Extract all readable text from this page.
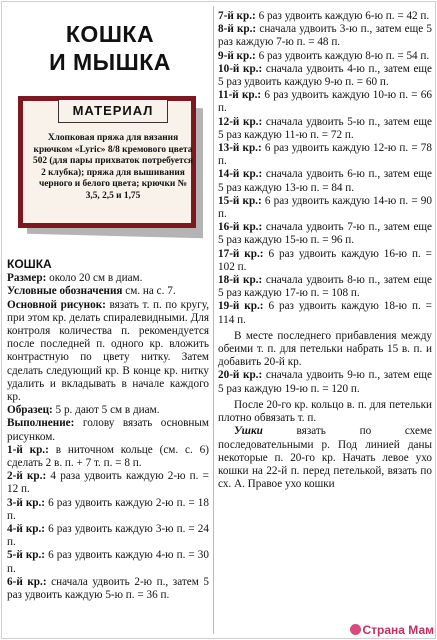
КОШКА
И МЫШКА
МАТЕРИАЛ
Хлопковая пряжа для вязания крючком «Lyric» 8/8 кремового цвета 502 (для пары прихваток потребуется 2 клубка); пряжа для вышивания черного и белого цвета; крючки № 3,5, 2,5 и 1,75
КОШКА

Размер: около 20 см в диам.

Условные обозначения см. на с. 7.

Основной рисунок: вязать т. п. по кругу, при этом кр. делать спиралевидными. Для контроля количества п. рекомендуется после последней п. одного кр. вложить контрастную по цвету нитку. Затем сделать следующий кр. В конце кр. нитку удалить и вкладывать в начале каждого кр.

Образец: 5 р. дают 5 см в диам.

Выполнение: голову вязать основным рисунком.

1-й кр.: в ниточном кольце (см. с. 6) сделать 2 в. п. + 7 т. п. = 8 п.

2-й кр.: 4 раза удвоить каждую 2-ю п. = 12 п.

3-й кр.: 6 раз удвоить каждую 2-ю п. = 18 п.

4-й кр.: 6 раз удвоить каждую 3-ю п. = 24 п.

5-й кр.: 6 раз удвоить каждую 4-ю п. = 30 п.

6-й кр.: сначала удвоить 2-ю п., затем 5 раз удвоить каждую 5-ю п. = 36 п.

7-й кр.: 6 раз удвоить каждую 6-ю п. = 42 п.

8-й кр.: сначала удвоить 3-ю п., затем еще 5 раз каждую 7-ю п. = 48 п.

9-й кр.: 6 раз удвоить каждую 8-ю п. = 54 п.

10-й кр.: сначала удвоить 4-ю п., затем еще 5 раз удвоить каждую 9-ю п. = 60 п.

11-й кр.: 6 раз удвоить каждую 10-ю п. = 66 п.

12-й кр.: сначала удвоить 5-ю п., затем еще 5 раз каждую 11-ю п. = 72 п.

13-й кр.: 6 раз удвоить каждую 12-ю п. = 78 п.

14-й кр.: сначала удвоить 6-ю п., затем еще 5 раз каждую 13-ю п. = 84 п.

15-й кр.: 6 раз удвоить каждую 14-ю п. = 90 п.

16-й кр.: сначала удвоить 7-ю п., затем еще 5 раз каждую 15-ю п. = 96 п.

17-й кр.: 6 раз удвоить каждую 16-ю п. = 102 п.

18-й кр.: сначала удвоить 8-ю п., затем еще 5 раз каждую 17-ю п. = 108 п.

19-й кр.: 6 раз удвоить каждую 18-ю п. = 114 п.

В месте последнего прибавления между обеими т. п. для петельки набрать 15 в. п. и добавить 20-й кр.

20-й кр.: сначала удвоить 9-ю п., затем еще 5 раз каждую 19-ю п. = 120 п.

После 20-го кр. кольцо в. п. для петельки плотно обвязать т. п.

Ушки вязать по схеме последовательными р. Под линией даны некоторые п. 20-го кр. Начать левое ухо кошки на 22-й п. перед петелькой, вязать по сх. А. Правое ухо кошки

Страна Мам
